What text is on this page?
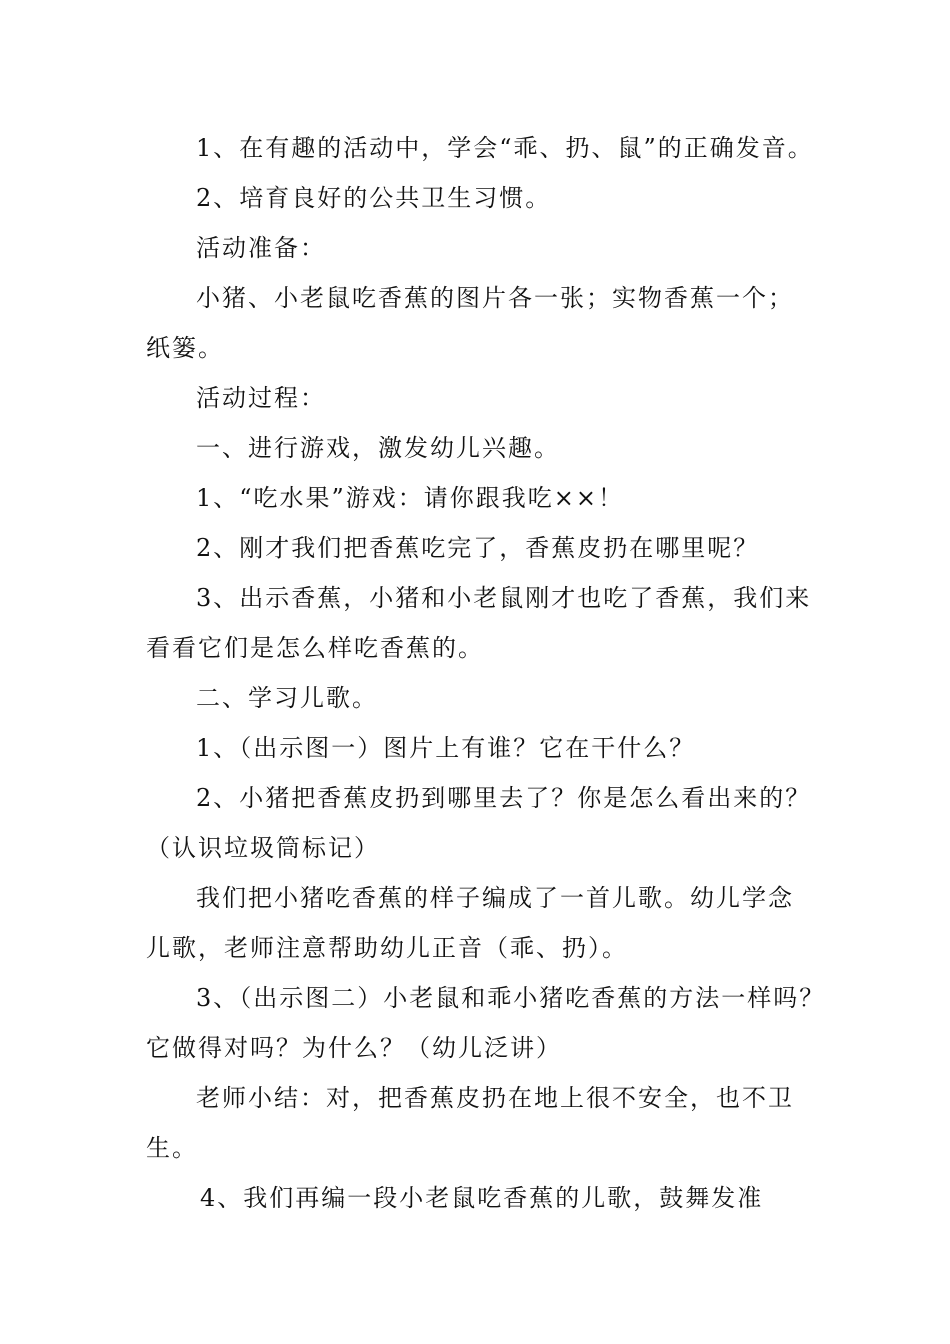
1、在有趣的活动中，学会“乖、扔、鼠”的正确发音。
2、培育良好的公共卫生习惯。
活动准备：
小猪、小老鼠吃香蕉的图片各一张；实物香蕉一个；
纸篓。
活动过程：
一、进行游戏，激发幼儿兴趣。
1、“吃水果”游戏：请你跟我吃××！
2、刚才我们把香蕉吃完了，香蕉皮扔在哪里呢？
3、出示香蕉，小猪和小老鼠刚才也吃了香蕉，我们来
看看它们是怎么样吃香蕉的。
二、学习儿歌。
1、（出示图一）图片上有谁？它在干什么？
2、小猪把香蕉皮扔到哪里去了？你是怎么看出来的？
（认识垃圾筒标记）
我们把小猪吃香蕉的样子编成了一首儿歌。幼儿学念
儿歌，老师注意帮助幼儿正音（乖、扔）。
3、（出示图二）小老鼠和乖小猪吃香蕉的方法一样吗？
它做得对吗？为什么？（幼儿泛讲）
老师小结：对，把香蕉皮扔在地上很不安全，也不卫
生。
4、我们再编一段小老鼠吃香蕉的儿歌，鼓舞发准
